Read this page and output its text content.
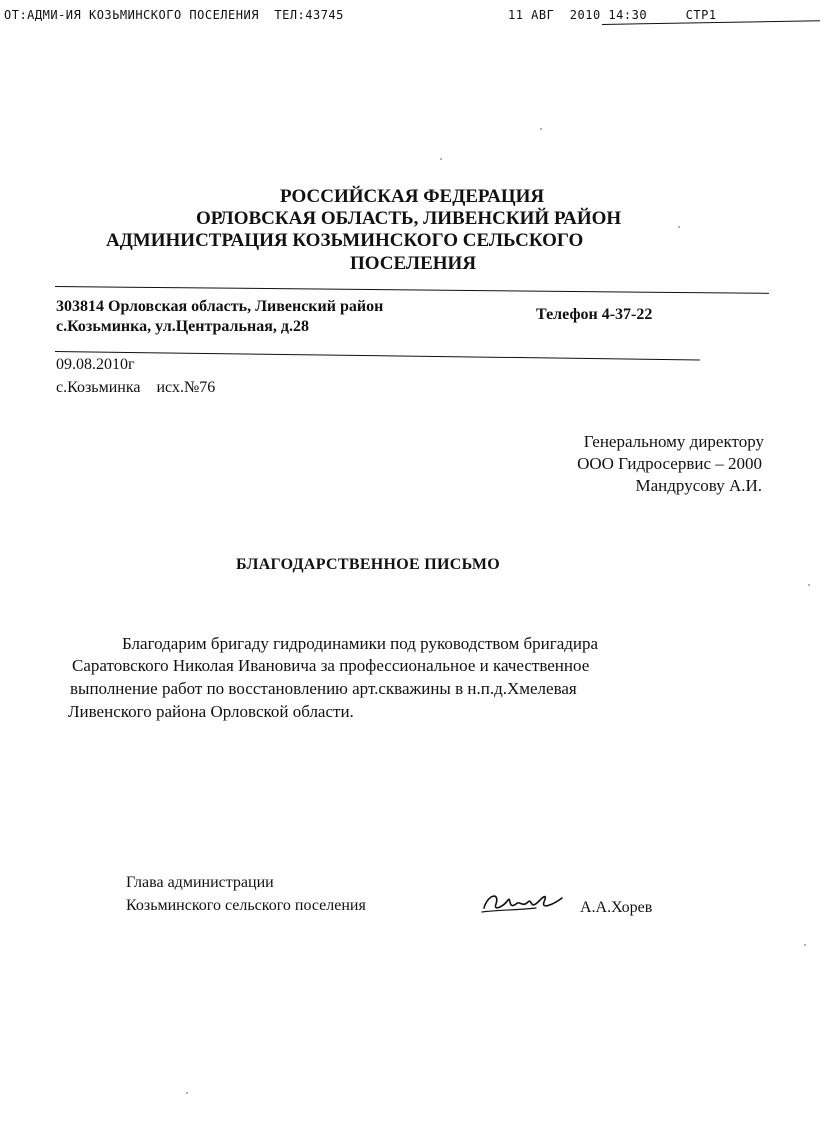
ОТ:АДМИ-ИЯ КОЗЬМИНСКОГО ПОСЕЛЕНИЯ  ТЕЛ:43745	11 АВГ  2010 14:30	СТР1
РОССИЙСКАЯ ФЕДЕРАЦИЯ
ОРЛОВСКАЯ ОБЛАСТЬ, ЛИВЕНСКИЙ РАЙОН
АДМИНИСТРАЦИЯ КОЗЬМИНСКОГО СЕЛЬСКОГО
ПОСЕЛЕНИЯ
303814 Орловская область, Ливенский район
с.Козьминка, ул.Центральная, д.28
Телефон 4-37-22
09.08.2010г
с.Козьминка исх.№76
Генеральному директору
ООО Гидросервис – 2000
Мандрусову А.И.
БЛАГОДАРСТВЕННОЕ ПИСЬМО
Благодарим бригаду гидродинамики под руководством бригадира
Саратовского Николая Ивановича за профессиональное и качественное
выполнение работ по восстановлению арт.скважины в н.п.д.Хмелевая
Ливенского района Орловской области.
Глава администрации
Козьминского сельского поселения	А.А.Хорев
